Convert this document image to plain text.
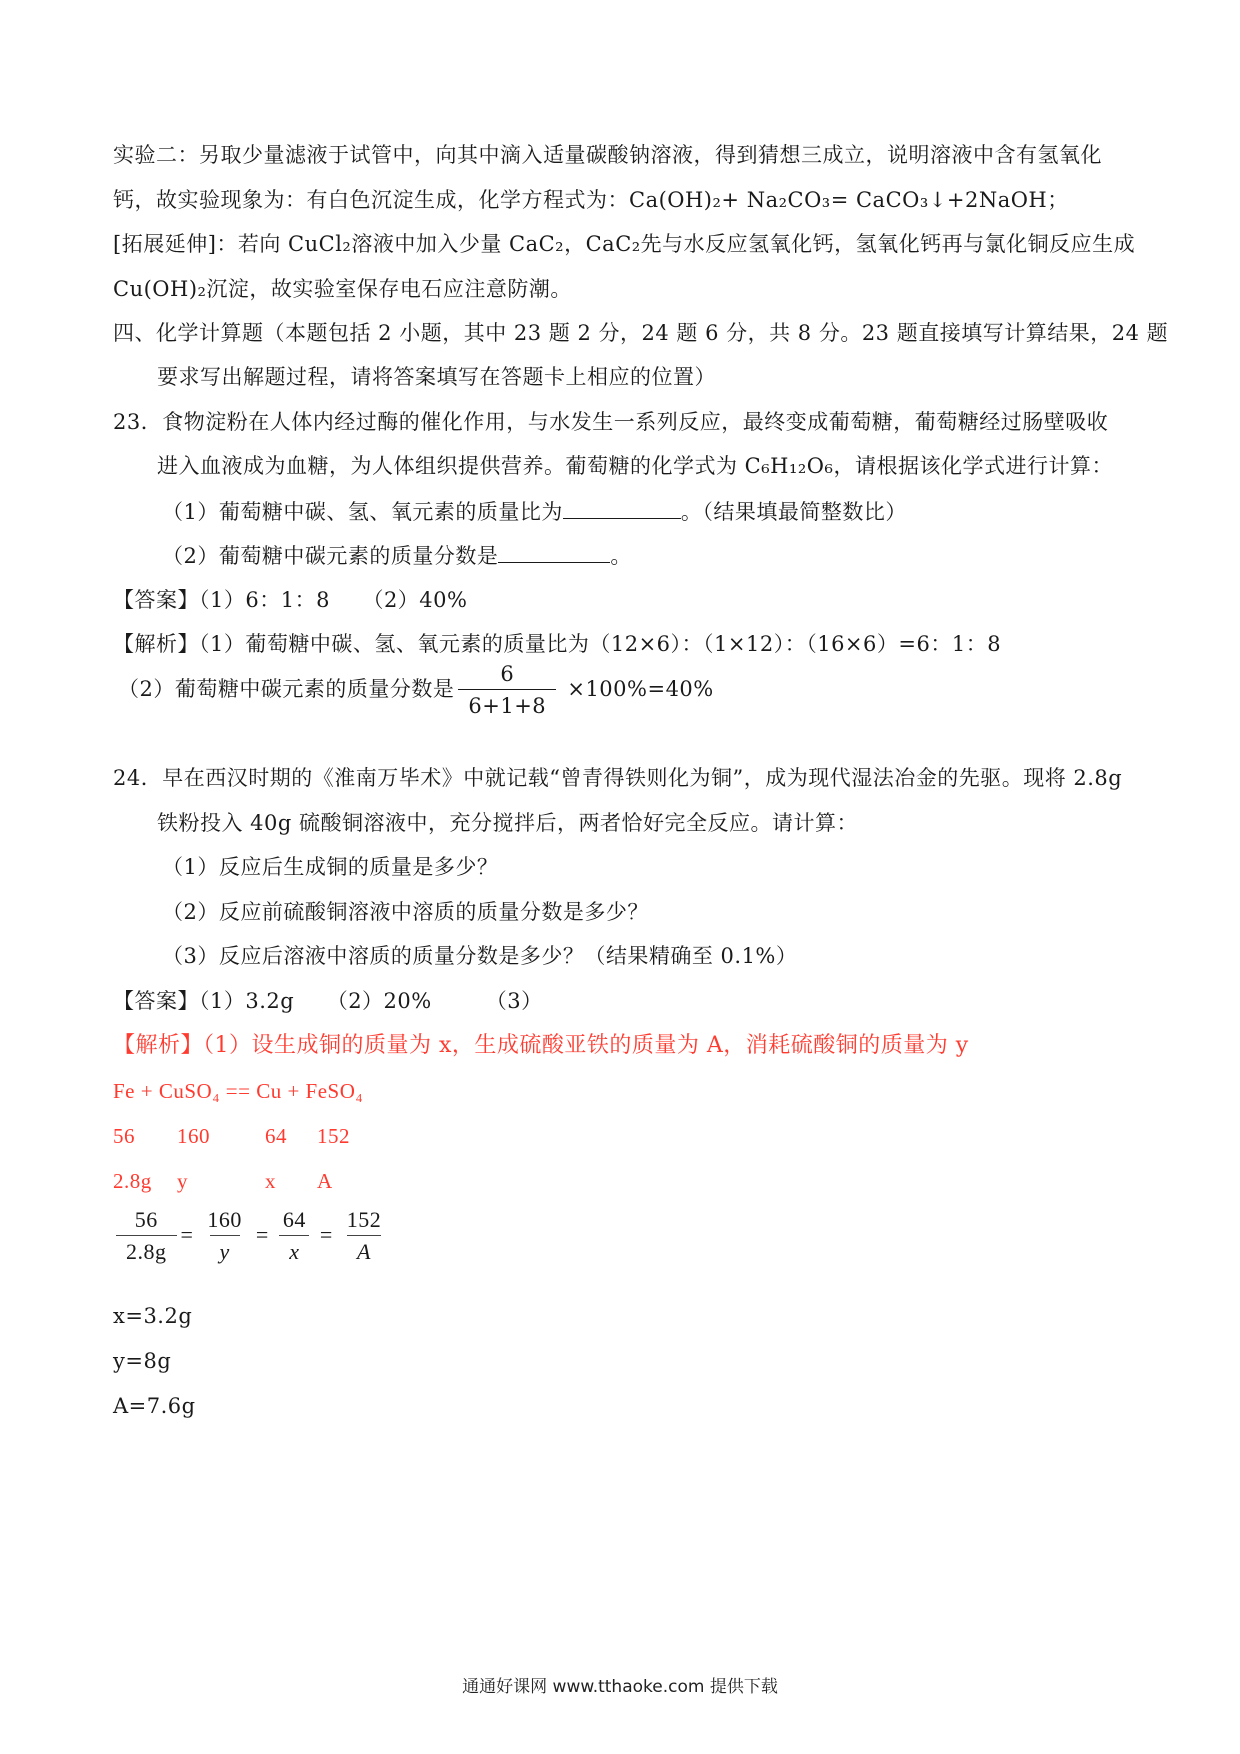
实验二：另取少量滤液于试管中，向其中滴入适量碳酸钠溶液，得到猜想三成立，说明溶液中含有氢氧化
钙，故实验现象为：有白色沉淀生成，化学方程式为：Ca(OH)₂+ Na₂CO₃= CaCO₃↓+2NaOH；
[拓展延伸]：若向 CuCl₂溶液中加入少量 CaC₂，CaC₂先与水反应氢氧化钙，氢氧化钙再与氯化铜反应生成
Cu(OH)₂沉淀，故实验室保存电石应注意防潮。
四、化学计算题（本题包括 2 小题，其中 23 题 2 分，24 题 6 分，共 8 分。23 题直接填写计算结果，24 题
要求写出解题过程，请将答案填写在答题卡上相应的位置）
23．食物淀粉在人体内经过酶的催化作用，与水发生一系列反应，最终变成葡萄糖，葡萄糖经过肠壁吸收
进入血液成为血糖，为人体组织提供营养。葡萄糖的化学式为 C₆H₁₂O₆，请根据该化学式进行计算：
（1）葡萄糖中碳、氢、氧元素的质量比为	。（结果填最简整数比）
（2）葡萄糖中碳元素的质量分数是	。
【答案】（1）6：1：8　　（2）40%
【解析】（1）葡萄糖中碳、氢、氧元素的质量比为（12×6）：（1×12）：（16×6）=6：1：8
（2）葡萄糖中碳元素的质量分数是 $\frac{6}{6+1+8} \times 100\%=40\%$
24．早在西汉时期的《淮南万毕术》中就记载“曾青得铁则化为铜”，成为现代湿法冶金的先驱。现将 2.8g
铁粉投入 40g 硫酸铜溶液中，充分搅拌后，两者恰好完全反应。请计算：
（1）反应后生成铜的质量是多少？
（2）反应前硫酸铜溶液中溶质的质量分数是多少？
（3）反应后溶液中溶质的质量分数是多少？（结果精确至 0.1%）
【答案】（1）3.2g　　（2）20%　　　（3）
【解析】（1）设生成铜的质量为 x，生成硫酸亚铁的质量为 A，消耗硫酸铜的质量为 y
Fe + CuSO₄ == Cu + FeSO₄
56 160	64 152
2.8g y	x A
$\frac{56}{2.8g} = \frac{160}{y} = \frac{64}{x} = \frac{152}{A}$
x=3.2g
y=8g
A=7.6g
通通好课网 www.tthaoke.com 提供下载
